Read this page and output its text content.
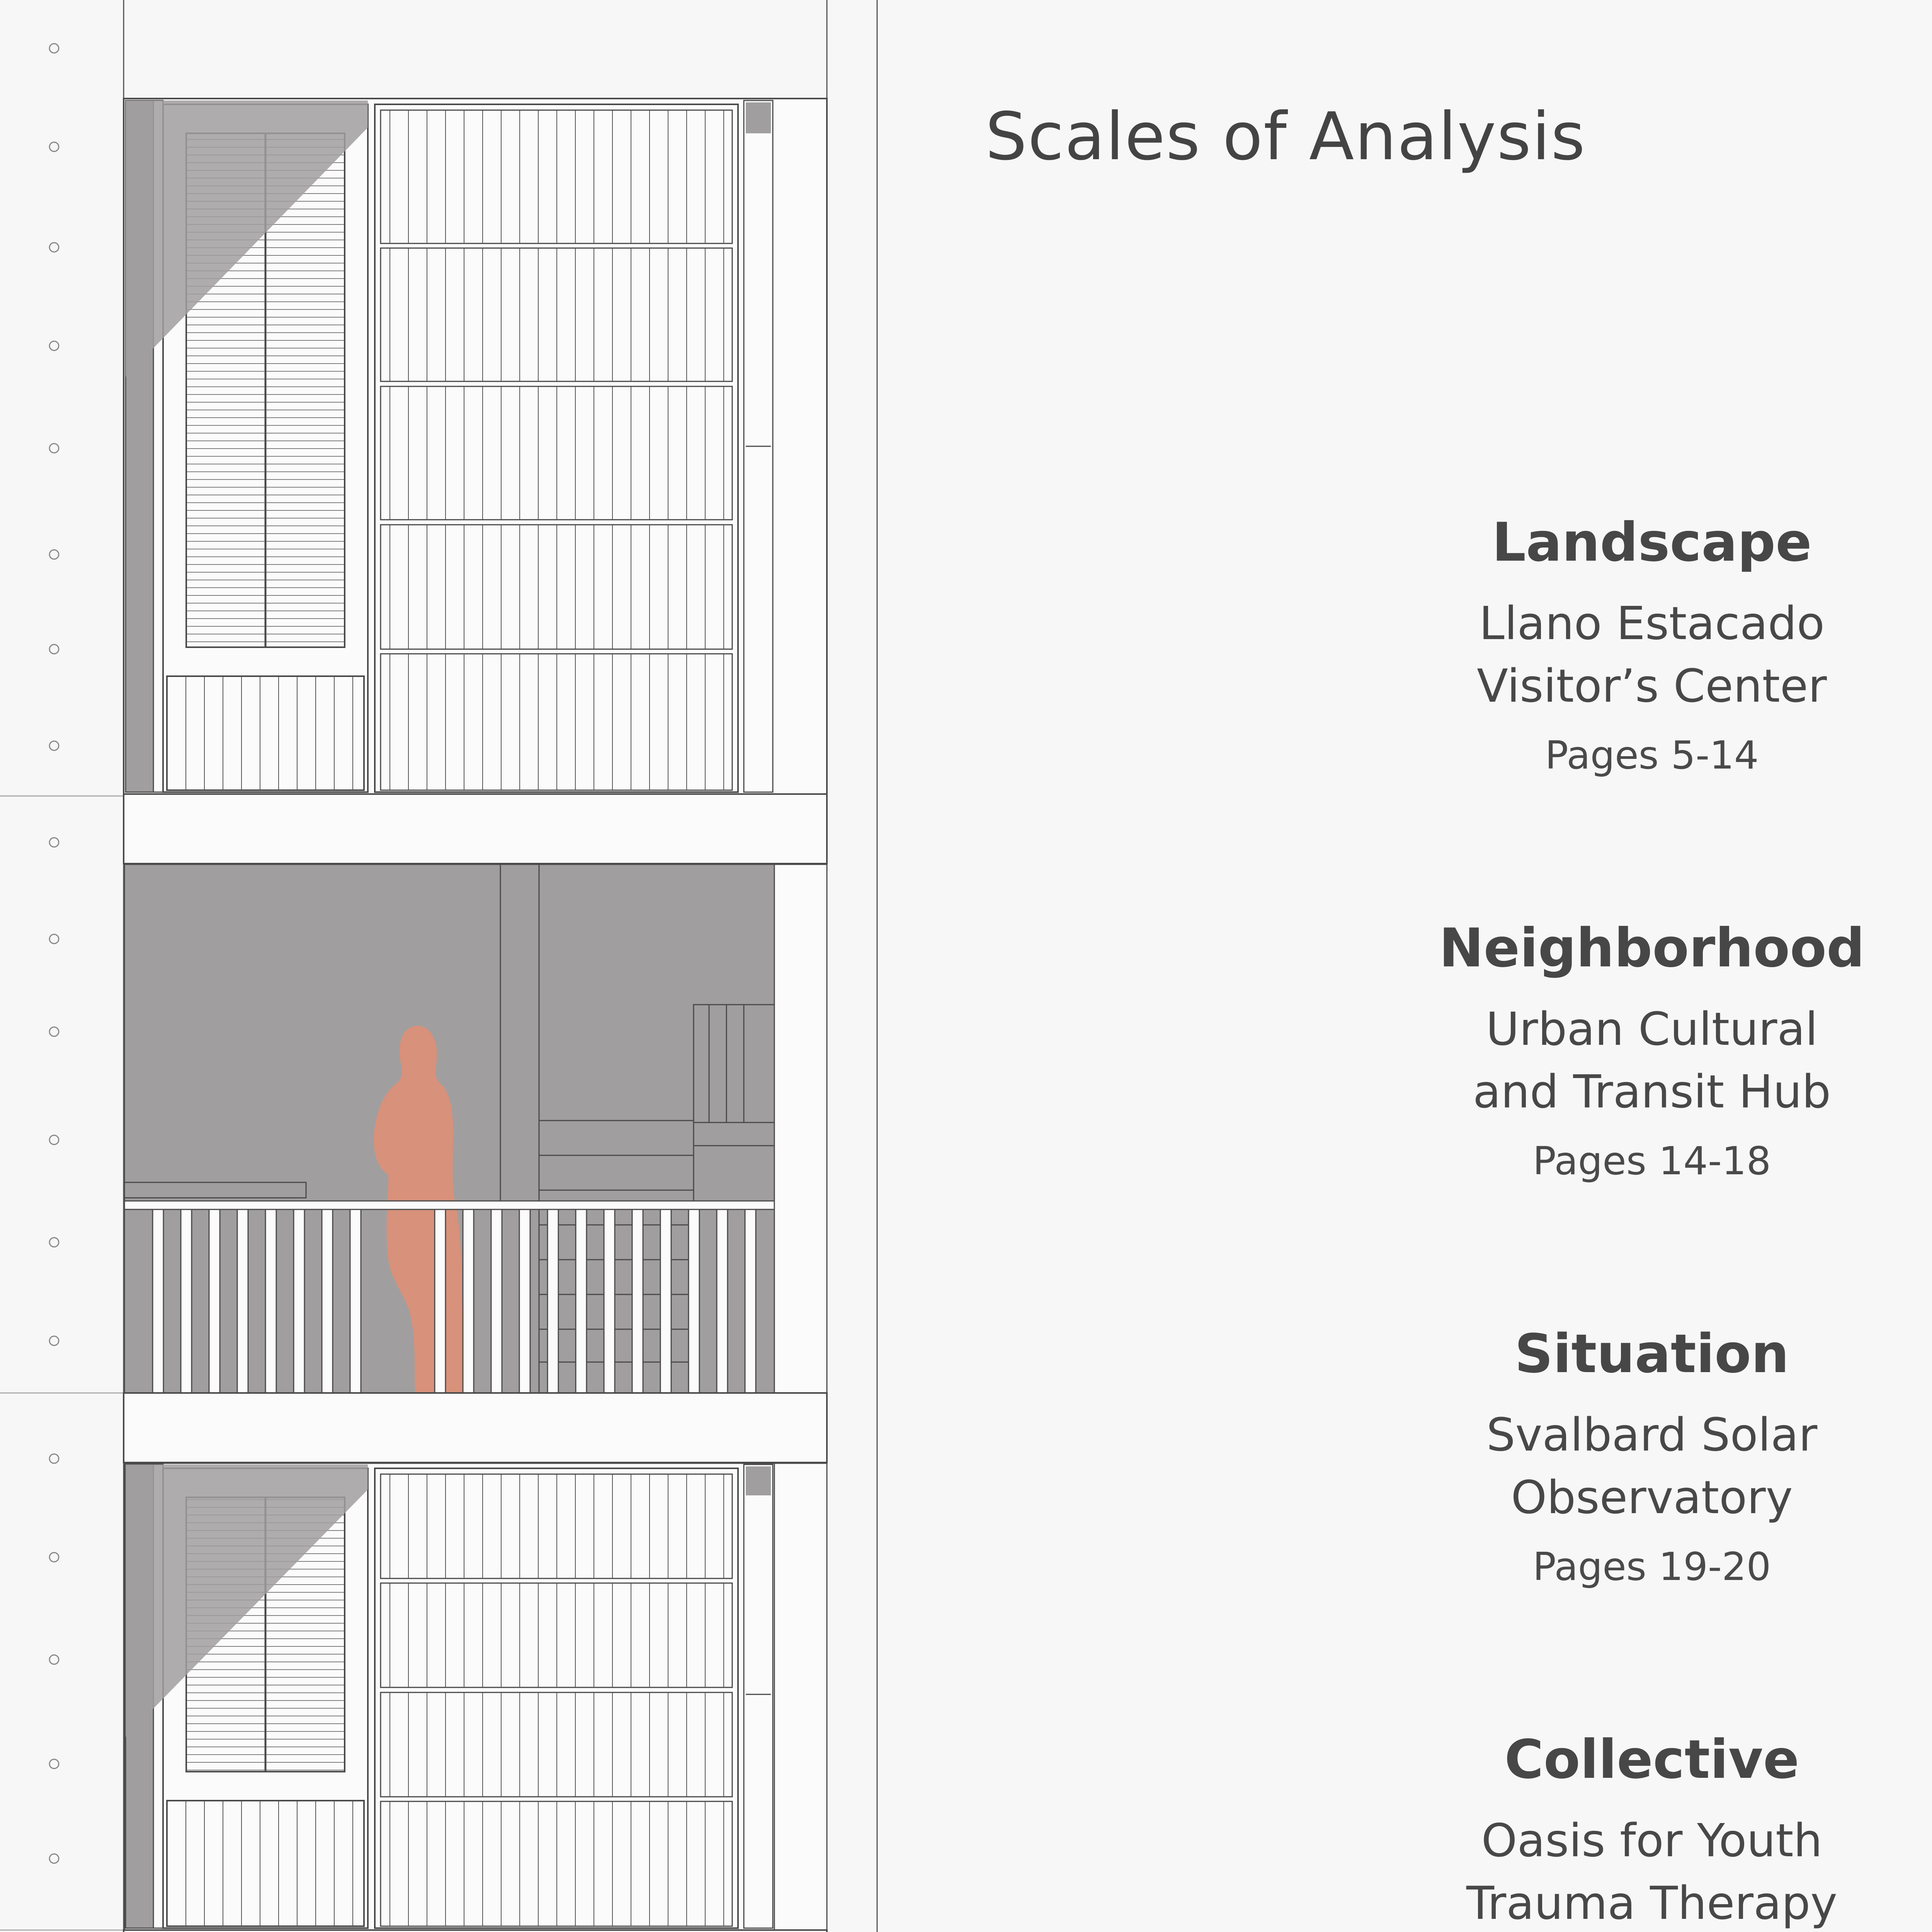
Scales of Analysis
Landscape
Llano Estacado
Visitor’s Center
Pages 5-14
Neighborhood
Urban Cultural
and Transit Hub
Pages 14-18
Situation
Svalbard Solar
Observatory
Pages 19-20
Collective
Oasis for Youth
Trauma Therapy
